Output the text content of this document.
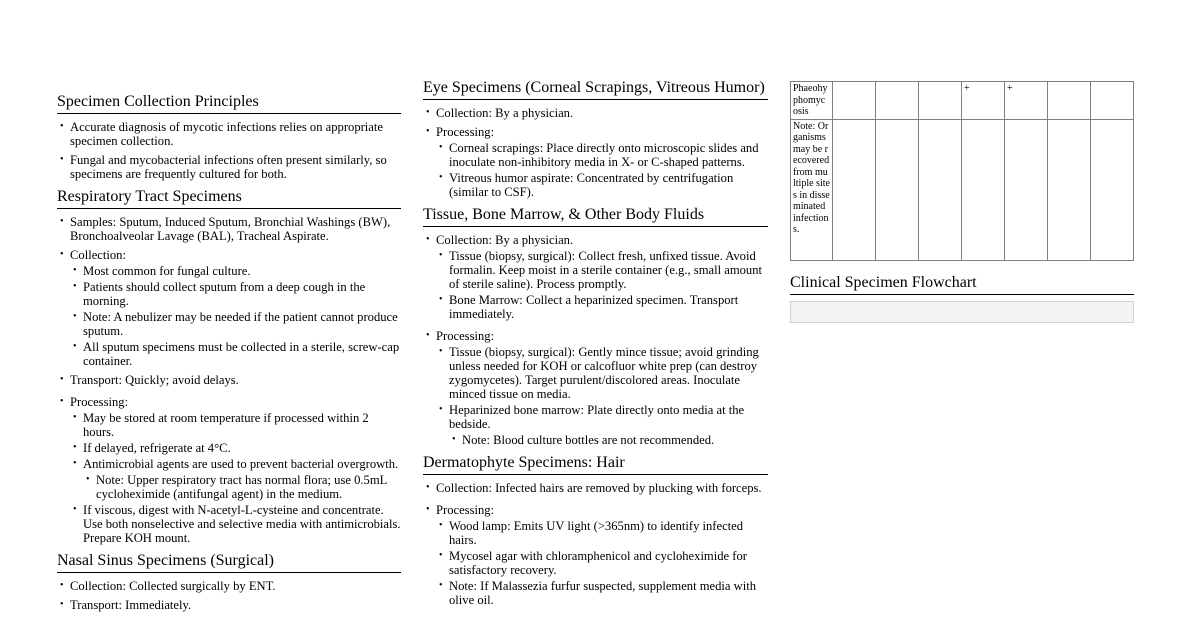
Specimen Collection Principles
• Accurate diagnosis of mycotic infections relies on appropriate specimen collection.
• Fungal and mycobacterial infections often present similarly, so specimens are frequently cultured for both.
Respiratory Tract Specimens
• Samples: Sputum, Induced Sputum, Bronchial Washings (BW), Bronchoalveolar Lavage (BAL), Tracheal Aspirate.
• Collection:
• Most common for fungal culture.
• Patients should collect sputum from a deep cough in the morning.
• Note: A nebulizer may be needed if the patient cannot produce sputum.
• All sputum specimens must be collected in a sterile, screw-cap container.
• Transport: Quickly; avoid delays.
• Processing:
• May be stored at room temperature if processed within 2 hours.
• If delayed, refrigerate at 4°C.
• Antimicrobial agents are used to prevent bacterial overgrowth.
• Note: Upper respiratory tract has normal flora; use 0.5mL cycloheximide (antifungal agent) in the medium.
• If viscous, digest with N-acetyl-L-cysteine and concentrate. Use both nonselective and selective media with antimicrobials. Prepare KOH mount.
Nasal Sinus Specimens (Surgical)
• Collection: Collected surgically by ENT.
• Transport: Immediately.
Eye Specimens (Corneal Scrapings, Vitreous Humor)
• Collection: By a physician.
• Processing:
• Corneal scrapings: Place directly onto microscopic slides and inoculate non-inhibitory media in X- or C-shaped patterns.
• Vitreous humor aspirate: Concentrated by centrifugation (similar to CSF).
Tissue, Bone Marrow, & Other Body Fluids
• Collection: By a physician.
• Tissue (biopsy, surgical): Collect fresh, unfixed tissue. Avoid formalin. Keep moist in a sterile container (e.g., small amount of sterile saline). Process promptly.
• Bone Marrow: Collect a heparinized specimen. Transport immediately.
• Processing:
• Tissue (biopsy, surgical): Gently mince tissue; avoid grinding unless needed for KOH or calcofluor white prep (can destroy zygomycetes). Target purulent/discolored areas. Inoculate minced tissue on media.
• Heparinized bone marrow: Plate directly onto media at the bedside.
• Note: Blood culture bottles are not recommended.
Dermatophyte Specimens: Hair
• Collection: Infected hairs are removed by plucking with forceps.
• Processing:
• Wood lamp: Emits UV light (>365nm) to identify infected hairs.
• Mycosel agar with chloramphenicol and cycloheximide for satisfactory recovery.
• Note: If Malassezia furfur suspected, supplement media with olive oil.
Phaeohyphomycosis				+	+		
Note: Organisms may be recovered from multiple sites in disseminated infections.							
Clinical Specimen Flowchart
